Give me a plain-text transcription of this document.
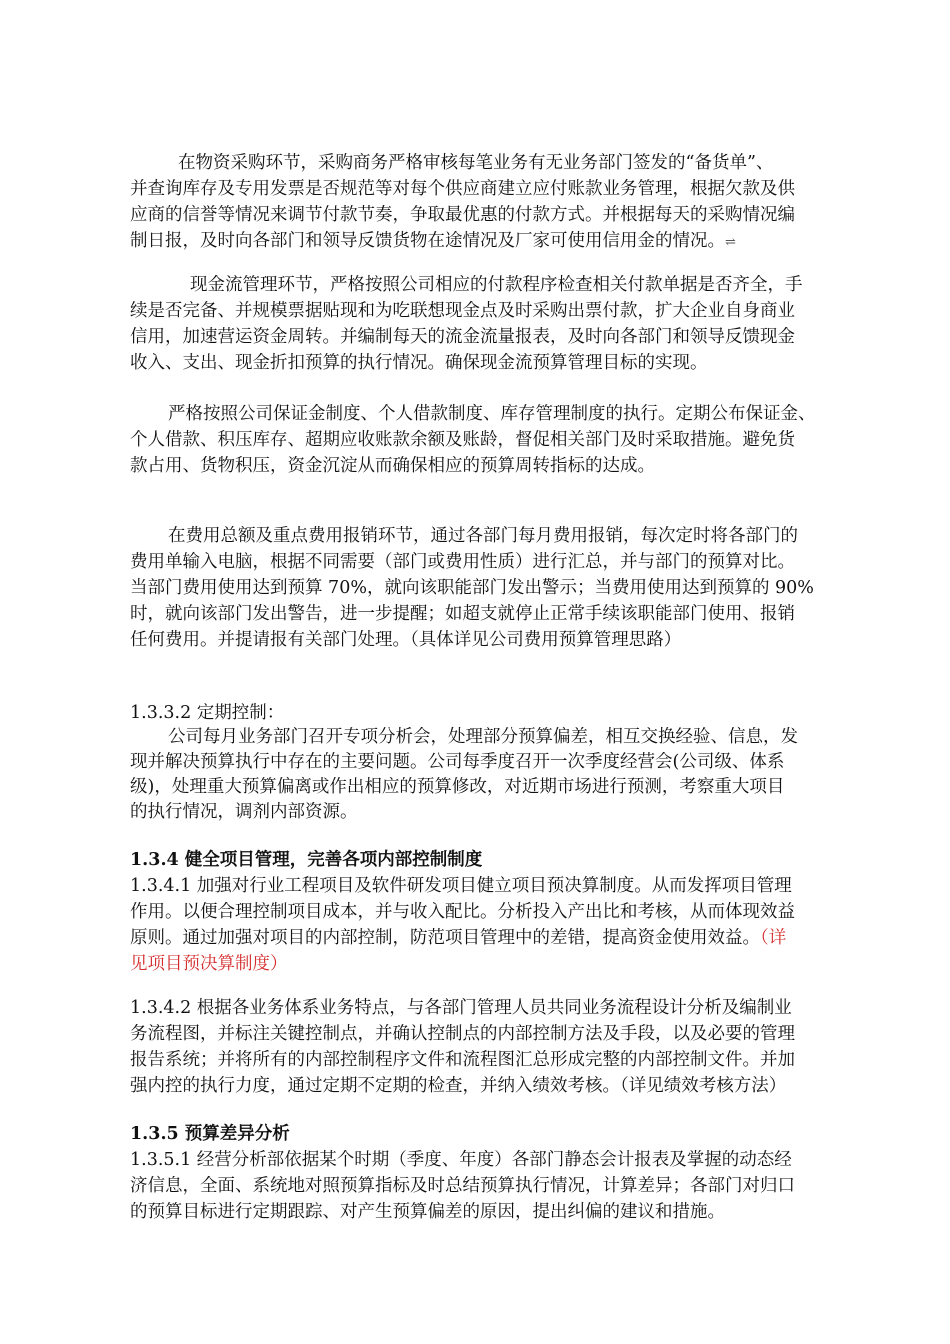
在物资采购环节，采购商务严格审核每笔业务有无业务部门签发的“备货单”、
并查询库存及专用发票是否规范等对每个供应商建立应付账款业务管理，根据欠款及供
应商的信誉等情况来调节付款节奏，争取最优惠的付款方式。并根据每天的采购情况编
制日报，及时向各部门和领导反馈货物在途情况及厂家可使用信用金的情况。⇌
现金流管理环节，严格按照公司相应的付款程序检查相关付款单据是否齐全，手
续是否完备、并规模票据贴现和为吃联想现金点及时采购出票付款，扩大企业自身商业
信用，加速营运资金周转。并编制每天的流金流量报表，及时向各部门和领导反馈现金
收入、支出、现金折扣预算的执行情况。确保现金流预算管理目标的实现。
严格按照公司保证金制度、个人借款制度、库存管理制度的执行。定期公布保证金、
个人借款、积压库存、超期应收账款余额及账龄，督促相关部门及时采取措施。避免货
款占用、货物积压，资金沉淀从而确保相应的预算周转指标的达成。
在费用总额及重点费用报销环节，通过各部门每月费用报销，每次定时将各部门的
费用单输入电脑，根据不同需要（部门或费用性质）进行汇总，并与部门的预算对比。
当部门费用使用达到预算 70%，就向该职能部门发出警示；当费用使用达到预算的 90%
时，就向该部门发出警告，进一步提醒；如超支就停止正常手续该职能部门使用、报销
任何费用。并提请报有关部门处理。（具体详见公司费用预算管理思路）
1.3.3.2 定期控制：
公司每月业务部门召开专项分析会，处理部分预算偏差，相互交换经验、信息，发
现并解决预算执行中存在的主要问题。公司每季度召开一次季度经营会(公司级、体系
级)，处理重大预算偏离或作出相应的预算修改，对近期市场进行预测，考察重大项目
的执行情况，调剂内部资源。
1.3.4 健全项目管理，完善各项内部控制制度
1.3.4.1 加强对行业工程项目及软件研发项目健立项目预决算制度。从而发挥项目管理
作用。以便合理控制项目成本，并与收入配比。分析投入产出比和考核，从而体现效益
原则。通过加强对项目的内部控制，防范项目管理中的差错，提高资金使用效益。（详
见项目预决算制度）
1.3.4.2 根据各业务体系业务特点，与各部门管理人员共同业务流程设计分析及编制业
务流程图，并标注关键控制点，并确认控制点的内部控制方法及手段，以及必要的管理
报告系统；并将所有的内部控制程序文件和流程图汇总形成完整的内部控制文件。并加
强内控的执行力度，通过定期不定期的检查，并纳入绩效考核。（详见绩效考核方法）
1.3.5 预算差异分析
1.3.5.1 经营分析部依据某个时期（季度、年度）各部门静态会计报表及掌握的动态经
济信息，全面、系统地对照预算指标及时总结预算执行情况，计算差异；各部门对归口
的预算目标进行定期跟踪、对产生预算偏差的原因，提出纠偏的建议和措施。
